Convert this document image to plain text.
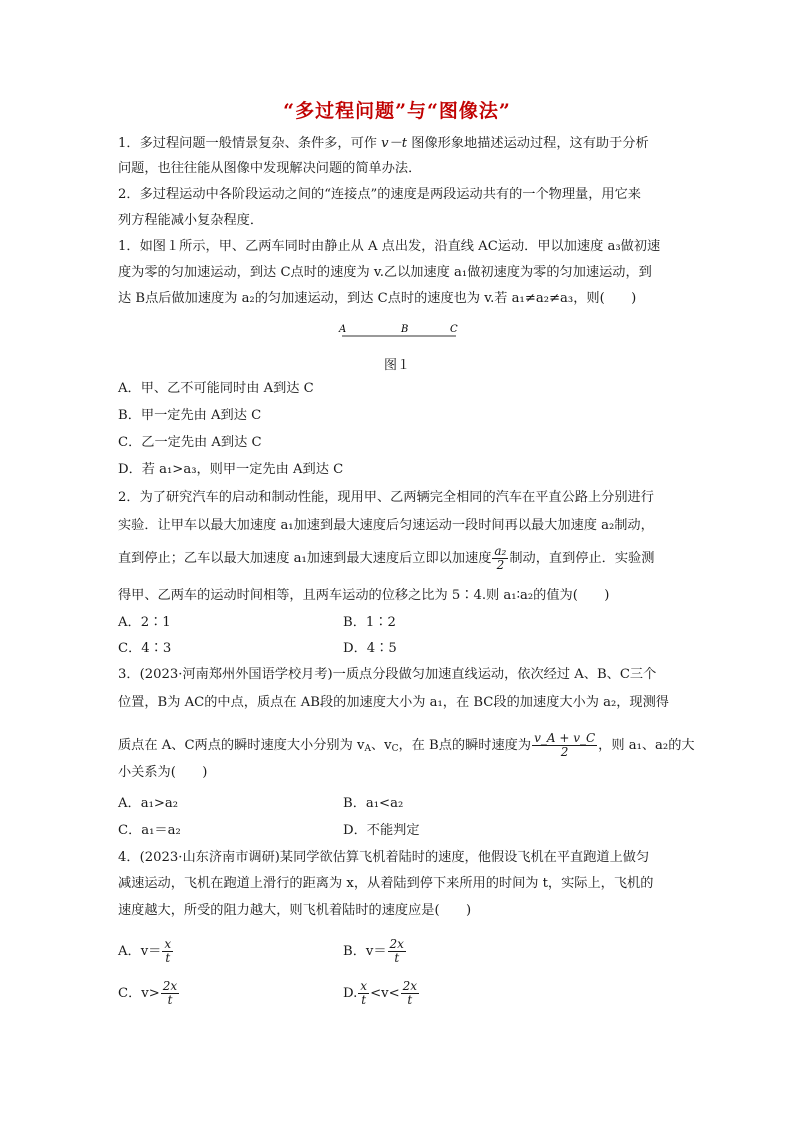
“多过程问题”与“图像法”
1．多过程问题一般情景复杂、条件多，可作 v－t 图像形象地描述运动过程，这有助于分析
问题，也往往能从图像中发现解决问题的简单办法．
2．多过程运动中各阶段运动之间的“连接点”的速度是两段运动共有的一个物理量，用它来
列方程能减小复杂程度．
1．如图１所示，甲、乙两车同时由静止从 A 点出发，沿直线 AC运动．甲以加速度 a₃做初速
度为零的匀加速运动，到达 C点时的速度为 v.乙以加速度 a₁做初速度为零的匀加速运动，到
达 B点后做加速度为 a₂的匀加速运动，到达 C点时的速度也为 v.若 a₁≠a₂≠a₃，则(　　)
A	B	C
图１
A．甲、乙不可能同时由 A到达 C
B．甲一定先由 A到达 C
C．乙一定先由 A到达 C
D．若 a₁>a₃，则甲一定先由 A到达 C
2．为了研究汽车的启动和制动性能，现用甲、乙两辆完全相同的汽车在平直公路上分别进行
实验．让甲车以最大加速度 a₁加速到最大速度后匀速运动一段时间再以最大加速度 a₂制动，
直到停止；乙车以最大加速度 a₁加速到最大速度后立即以加速度 $\frac{\text{a₂}}{2}$ 制动，直到停止．实验测
得甲、乙两车的运动时间相等，且两车运动的位移之比为 5∶4.则 a₁∶a₂的值为(　　)
A．2∶1	B．1∶2
C．4∶3	D．4∶5
3．(2023·河南郑州外国语学校月考)一质点分段做匀加速直线运动，依次经过 A、B、C三个
位置，B为 AC的中点，质点在 AB段的加速度大小为 a₁，在 BC段的加速度大小为 a₂，现测得
质点在 A、C两点的瞬时速度大小分别为 $v_A$、$v_C$，在 B点的瞬时速度为 $\frac{v\_A + v\_C}{2}$ ，则 a₁、a₂的大
小关系为(　　)
A．a₁>a₂	B．a₁<a₂
C．a₁＝a₂	D．不能判定
4．(2023·山东济南市调研)某同学欲估算飞机着陆时的速度，他假设飞机在平直跑道上做匀
减速运动，飞机在跑道上滑行的距离为 x，从着陆到停下来所用的时间为 t，实际上，飞机的
速度越大，所受的阻力越大，则飞机着陆时的速度应是(　　)
A．$v= \frac{x}{t}$	B．$v= \frac{2x}{t}$
C．$v> \frac{2x}{t}$	D. $\frac{x}{t} <v< \frac{2x}{t}$
